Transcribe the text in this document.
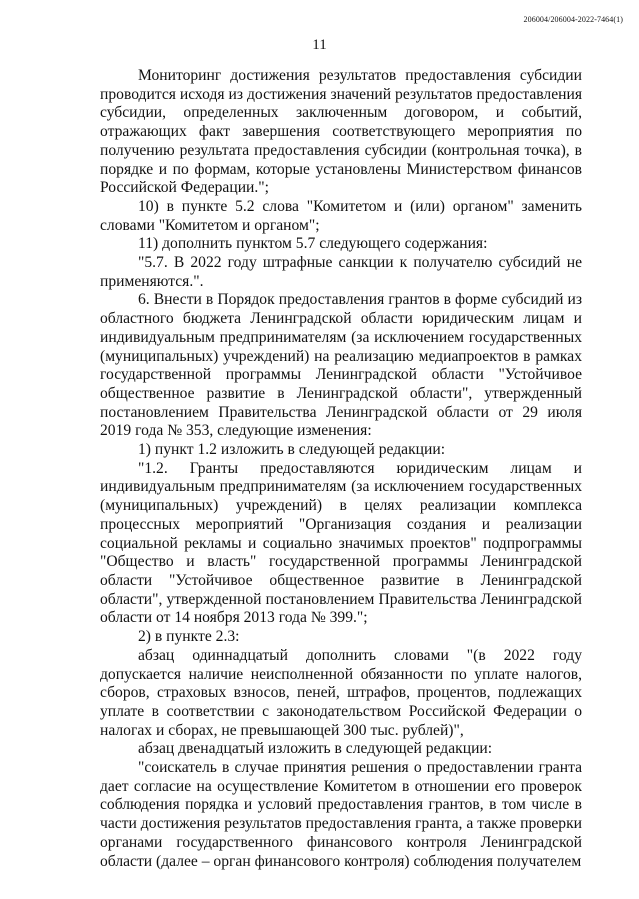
206004/206004-2022-7464(1)
11

Мониторинг достижения результатов предоставления субсидии проводится исходя из достижения значений результатов предоставления субсидии, определенных заключенным договором, и событий, отражающих факт завершения соответствующего мероприятия по получению результата предоставления субсидии (контрольная точка), в порядке и по формам, которые установлены Министерством финансов Российской Федерации.";

10) в пункте 5.2 слова "Комитетом и (или) органом" заменить словами "Комитетом и органом";

11) дополнить пунктом 5.7 следующего содержания:

"5.7. В 2022 году штрафные санкции к получателю субсидий не применяются.".

6. Внести в Порядок предоставления грантов в форме субсидий из областного бюджета Ленинградской области юридическим лицам и индивидуальным предпринимателям (за исключением государственных (муниципальных) учреждений) на реализацию медиапроектов в рамках государственной программы Ленинградской области "Устойчивое общественное развитие в Ленинградской области", утвержденный постановлением Правительства Ленинградской области от 29 июля 2019 года № 353, следующие изменения:

1) пункт 1.2 изложить в следующей редакции:

"1.2. Гранты предоставляются юридическим лицам и индивидуальным предпринимателям (за исключением государственных (муниципальных) учреждений) в целях реализации комплекса процессных мероприятий "Организация создания и реализации социальной рекламы и социально значимых проектов" подпрограммы "Общество и власть" государственной программы Ленинградской области "Устойчивое общественное развитие в Ленинградской области", утвержденной постановлением Правительства Ленинградской области от 14 ноября 2013 года № 399.";

2) в пункте 2.3:

абзац одиннадцатый дополнить словами "(в 2022 году допускается наличие неисполненной обязанности по уплате налогов, сборов, страховых взносов, пеней, штрафов, процентов, подлежащих уплате в соответствии с законодательством Российской Федерации о налогах и сборах, не превышающей 300 тыс. рублей)",

абзац двенадцатый изложить в следующей редакции:

"соискатель в случае принятия решения о предоставлении гранта дает согласие на осуществление Комитетом в отношении его проверок соблюдения порядка и условий предоставления грантов, в том числе в части достижения результатов предоставления гранта, а также проверки органами государственного финансового контроля Ленинградской области (далее – орган финансового контроля) соблюдения получателем
